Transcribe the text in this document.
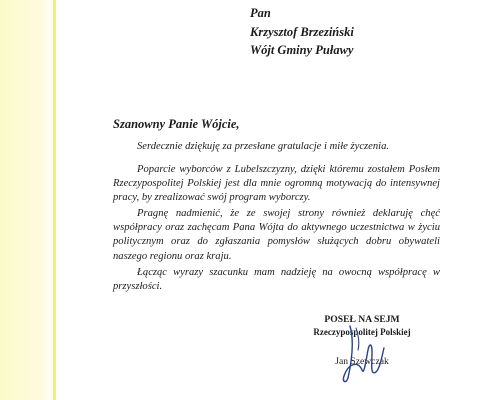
Pan
Krzysztof Brzeziński
Wójt Gminy Puławy
Szanowny Panie Wójcie,

Serdecznie dziękuję za przesłane gratulacje i miłe życzenia.

Poparcie wyborców z Lubelszczyzny, dzięki któremu zostałem Posłem Rzeczypospolitej Polskiej jest dla mnie ogromną motywacją do intensywnej pracy, by zrealizować swój program wyborczy.

Pragnę nadmienić, że ze swojej strony również deklaruję chęć współpracy oraz zachęcam Pana Wójta do aktywnego uczestnictwa w życiu politycznym oraz do zgłaszania pomysłów służących dobru obywateli naszego regionu oraz kraju.

Łącząc wyrazy szacunku mam nadzieję na owocną współpracę w przyszłości.

POSEŁ NA SEJM
Rzeczypospolitej Polskiej
Jan Szewczak
